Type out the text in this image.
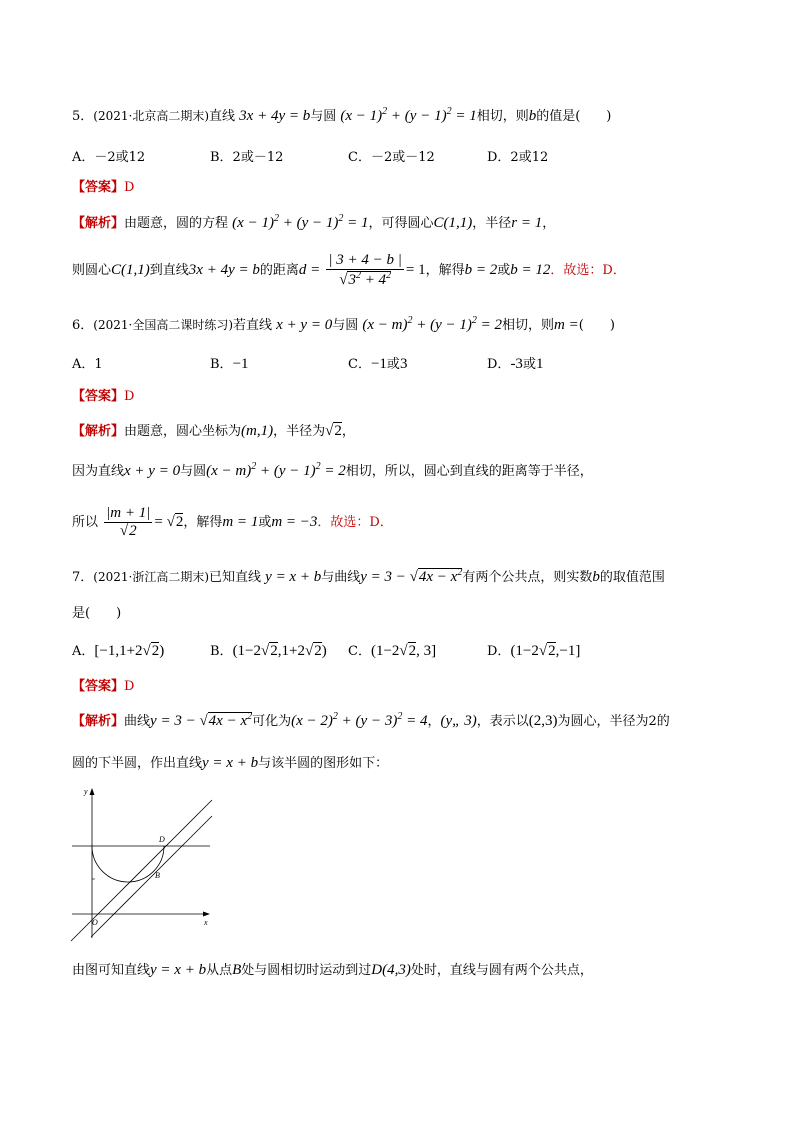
5．(2021·北京高二期末)直线 3x + 4y = b与圆 $(x - 1)^2 + (y - 1)^2 = 1$相切，则b的值是(　　)
A．－2或12	B．2或－12	C．－2或－12	D．2或12
【答案】D
【解析】由题意，圆的方程 $(x - 1)^2 + (y - 1)^2 = 1$，可得圆心C(1,1)，半径r = 1，
则圆心C(1,1)到直线3x + 4y = b的距离$d = \frac{| 3 + 4 - b |}{√3^2 + 4^2} = 1$，解得b = 2或b = 12．故选：D．
6．(2021·全国高二课时练习)若直线 x + y = 0与圆 $(x - m)^2 + (y - 1)^2 = 2$相切，则m =(　　)
A．1	B．−1	C．−1或3	D．-3或1
【答案】D
【解析】由题意，圆心坐标为(m,1)，半径为√2，
因为直线x + y = 0与圆$(x - m)^2 + (y - 1)^2 = 2$相切，所以，圆心到直线的距离等于半径，
所以 $\frac{|m + 1|}{√2} = √2$，解得m = 1或m = −3．故选：D．
7．(2021·浙江高二期末)已知直线 y = x + b与曲线$y = 3 - √4x - x^2$有两个公共点，则实数b的取值范围
是(　　)
A．[−1,1+2√2)	B．(1−2√2,1+2√2) C．(1−2√2, 3]	D．(1−2√2,−1]
【答案】D
【解析】曲线$y = 3 - √4x - x^2$可化为$(x - 2)^2 + (y - 3)^2 = 4$，(y„ 3)，表示以(2,3)为圆心，半径为2的
圆的下半圆，作出直线y = x + b与该半圆的图形如下：
y
x
O
D
B
由图可知直线y = x + b从点B处与圆相切时运动到过D(4,3)处时，直线与圆有两个公共点，
